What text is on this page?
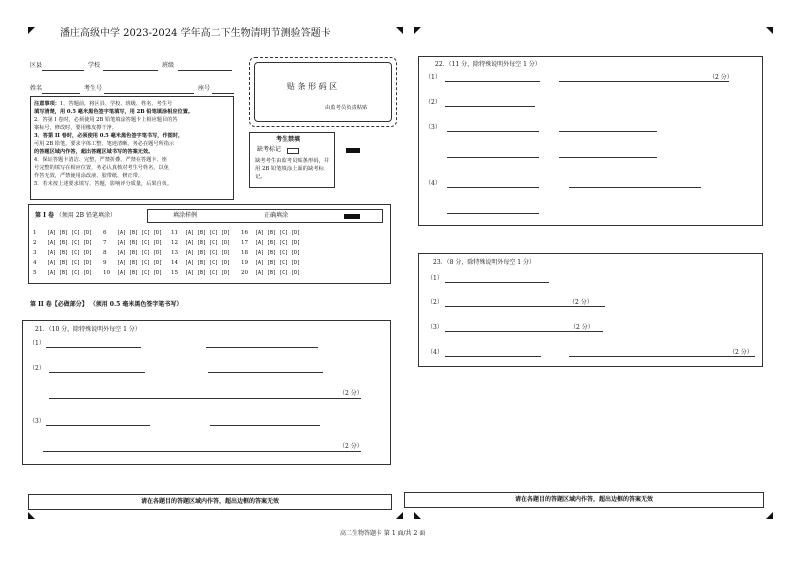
潘庄高级中学 2023-2024 学年高二下生物清明节测验答题卡
区县	学校	班级
姓名	考生号	座号	贴 条 形 码 区
由监考员负责粘贴
注意事项：1．答题前，将区县、学校、班级、姓名、考生号
填写清楚，用 0.5 毫米黑色签字笔填写，用 2B 铅笔填涂相应位置。
2．答第 I 卷时，必须使用 2B 铅笔填涂答题卡上相应题目的答
案标号，修改时，要用橡皮擦干净。
3．答第 II 卷时，必须使用 0.5 毫米黑色签字笔书写，作图时，
可用 2B 铅笔，要求字体工整、笔迹清晰。务必在题号所指示
的答题区域内作答，超出答题区域书写的答案无效。
4．保证答题卡清洁、完整，严禁折叠，严禁在答题卡、座
号完整的填写在相应位置，务必认真核对考生号姓名，以免
作答无效，严禁使用涂改液、胶带纸、修正带。
5．若未按上述要求填写、答题，影响评分质量，后果自负。
考生禁填
缺考标记
缺考考生由监考员贴条形码，并用 2B 铅笔填涂上面的缺考标记。
第 I 卷 （须用 2B 铅笔填涂）	填涂样例	正确填涂
1	[A] [B] [C] [D]
2	[A] [B] [C] [D]
3	[A] [B] [C] [D]
4	[A] [B] [C] [D]
5	[A] [B] [C] [D]
6	[A] [B] [C] [D]
7	[A] [B] [C] [D]
8	[A] [B] [C] [D]
9	[A] [B] [C] [D]
10	[A] [B] [C] [D]
11	[A] [B] [C] [D]
12	[A] [B] [C] [D]
13	[A] [B] [C] [D]
14	[A] [B] [C] [D]
15	[A] [B] [C] [D]
16	[A] [B] [C] [D]
17	[A] [B] [C] [D]
18	[A] [B] [C] [D]
19	[A] [B] [C] [D]
20	[A] [B] [C] [D]
第 II 卷【必做部分】 （须用 0.5 毫米黑色签字笔书写）
21．（10 分，除特殊说明外每空 1 分）
（1）
（2）
（2 分）
（3）
（2 分）
22．（11 分，除特殊说明外每空 1 分）
（1）	（2 分）
（2）
（3）
（4）
23．（8 分，除特殊说明外每空 1 分）
（1）
（2）	（2 分）
（3）	（2 分）
（4）	（2 分）
请在各题目的答题区域内作答，超出边框的答案无效	请在各题目的答题区域内作答，超出边框的答案无效
高二生物答题卡 第 1 面/共 2 面
